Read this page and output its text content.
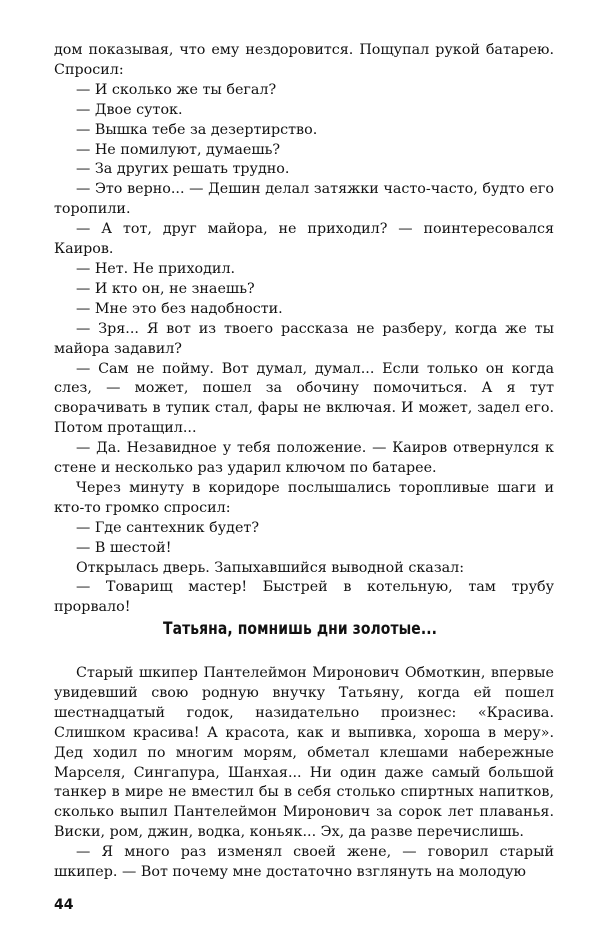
дом показывая, что ему нездоровится. Пощупал рукой батарею. Спросил:

— И сколько же ты бегал?

— Двое суток.

— Вышка тебе за дезертирство.

— Не помилуют, думаешь?

— За других решать трудно.

— Это верно... — Дешин делал затяжки часто-часто, будто его торопили.

— А тот, друг майора, не приходил? — поинтересовался Каиров.

— Нет. Не приходил.

— И кто он, не знаешь?

— Мне это без надобности.

— Зря... Я вот из твоего рассказа не разберу, когда же ты майора задавил?

— Сам не пойму. Вот думал, думал... Если только он когда слез, — может, пошел за обочину помочиться. А я тут сворачивать в тупик стал, фары не включая. И может, задел его. Потом протащил...

— Да. Незавидное у тебя положение. — Каиров отвернулся к стене и несколько раз ударил ключом по батарее.

Через минуту в коридоре послышались торопливые шаги и кто-то громко спросил:

— Где сантехник будет?

— В шестой!

Открылась дверь. Запыхавшийся выводной сказал:

— Товарищ мастер! Быстрей в котельную, там трубу прорвало!

Татьяна, помнишь дни золотые...

Старый шкипер Пантелеймон Миронович Обмоткин, впервые увидевший свою родную внучку Татьяну, когда ей пошел шестнадцатый годок, назидательно произнес: «Красива. Слишком красива! А красота, как и выпивка, хороша в меру». Дед ходил по многим морям, обметал клешами набережные Марселя, Сингапура, Шанхая... Ни один даже самый большой танкер в мире не вместил бы в себя столько спиртных напитков, сколько выпил Пантелеймон Миронович за сорок лет плаванья. Виски, ром, джин, водка, коньяк... Эх, да разве перечислишь.

— Я много раз изменял своей жене, — говорил старый шкипер. — Вот почему мне достаточно взглянуть на молодую

44
